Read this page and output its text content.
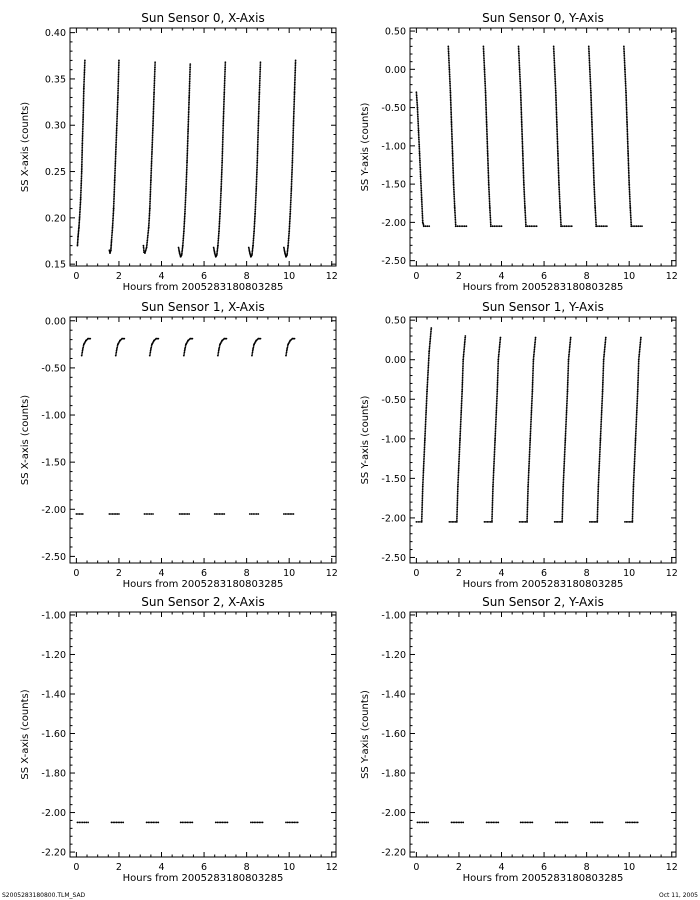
Sun Sensor 0, X-Axis
0	2	4	6	8	10	12
0.15
0.20
0.25
0.30
0.35
0.40
Hours from 2005283180803285
SS X-axis (counts)
Sun Sensor 0, Y-Axis
0	2	4	6	8	10	12
-2.50
-2.00
-1.50
-1.00
-0.50
0.00
0.50
Hours from 2005283180803285
SS Y-axis (counts)
Sun Sensor 1, X-Axis
0	2	4	6	8	10	12
-2.50
-2.00
-1.50
-1.00
-0.50
0.00
Hours from 2005283180803285
SS X-axis (counts)
Sun Sensor 1, Y-Axis
0	2	4	6	8	10	12
-2.50
-2.00
-1.50
-1.00
-0.50
0.00
0.50
Hours from 2005283180803285
SS Y-axis (counts)
Sun Sensor 2, X-Axis
0	2	4	6	8	10	12
-2.20
-2.00
-1.80
-1.60
-1.40
-1.20
-1.00
Hours from 2005283180803285
SS X-axis (counts)
Sun Sensor 2, Y-Axis
0	2	4	6	8	10	12
-2.20
-2.00
-1.80
-1.60
-1.40
-1.20
-1.00
Hours from 2005283180803285
SS Y-axis (counts)
S2005283180800.TLM_SAD	Oct 11, 2005
